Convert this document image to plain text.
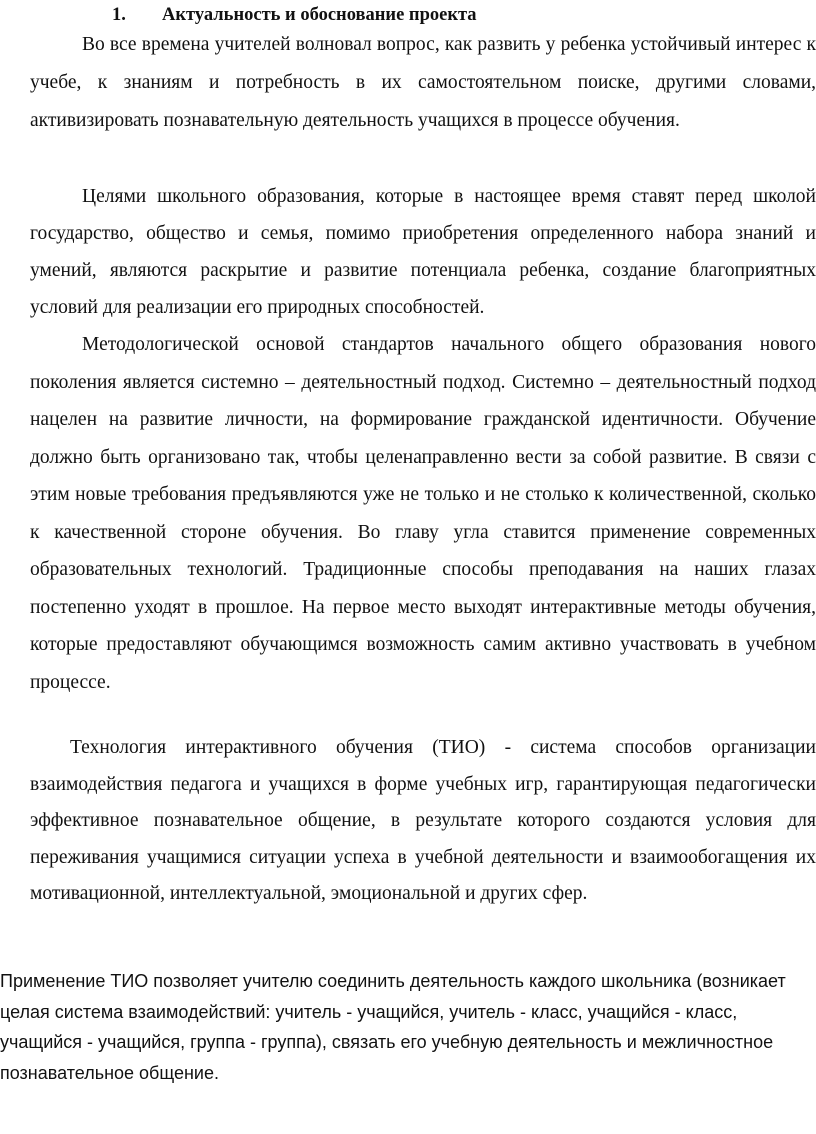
1. Актуальность и обоснование проекта

Во все времена учителей волновал вопрос, как развить у ребенка устойчивый интерес к учебе, к знаниям и потребность в их самостоятельном поиске, другими словами, активизировать познавательную деятельность учащихся в процессе обучения.

Целями школьного образования, которые в настоящее время ставят перед школой государство, общество и семья, помимо приобретения определенного набора знаний и умений, являются раскрытие и развитие потенциала ребенка, создание благоприятных условий для реализации его природных способностей.

Методологической основой стандартов начального общего образования нового поколения является системно – деятельностный подход. Системно – деятельностный подход нацелен на развитие личности, на формирование гражданской идентичности. Обучение должно быть организовано так, чтобы целенаправленно вести за собой развитие. В связи с этим новые требования предъявляются уже не только и не столько к количественной, сколько к качественной стороне обучения. Во главу угла ставится применение современных образовательных технологий. Традиционные способы преподавания на наших глазах постепенно уходят в прошлое. На первое место выходят интерактивные методы обучения, которые предоставляют обучающимся возможность самим активно участвовать в учебном процессе.

Технология интерактивного обучения (ТИО) - система способов организации взаимодействия педагога и учащихся в форме учебных игр, гарантирующая педагогически эффективное познавательное общение, в результате которого создаются условия для переживания учащимися ситуации успеха в учебной деятельности и взаимообогащения их мотивационной, интеллектуальной, эмоциональной и других сфер.

Применение ТИО позволяет учителю соединить деятельность каждого школьника (возникает целая система взаимодействий: учитель - учащийся, учитель - класс, учащийся - класс, учащийся - учащийся, группа - группа), связать его учебную деятельность и межличностное познавательное общение.
